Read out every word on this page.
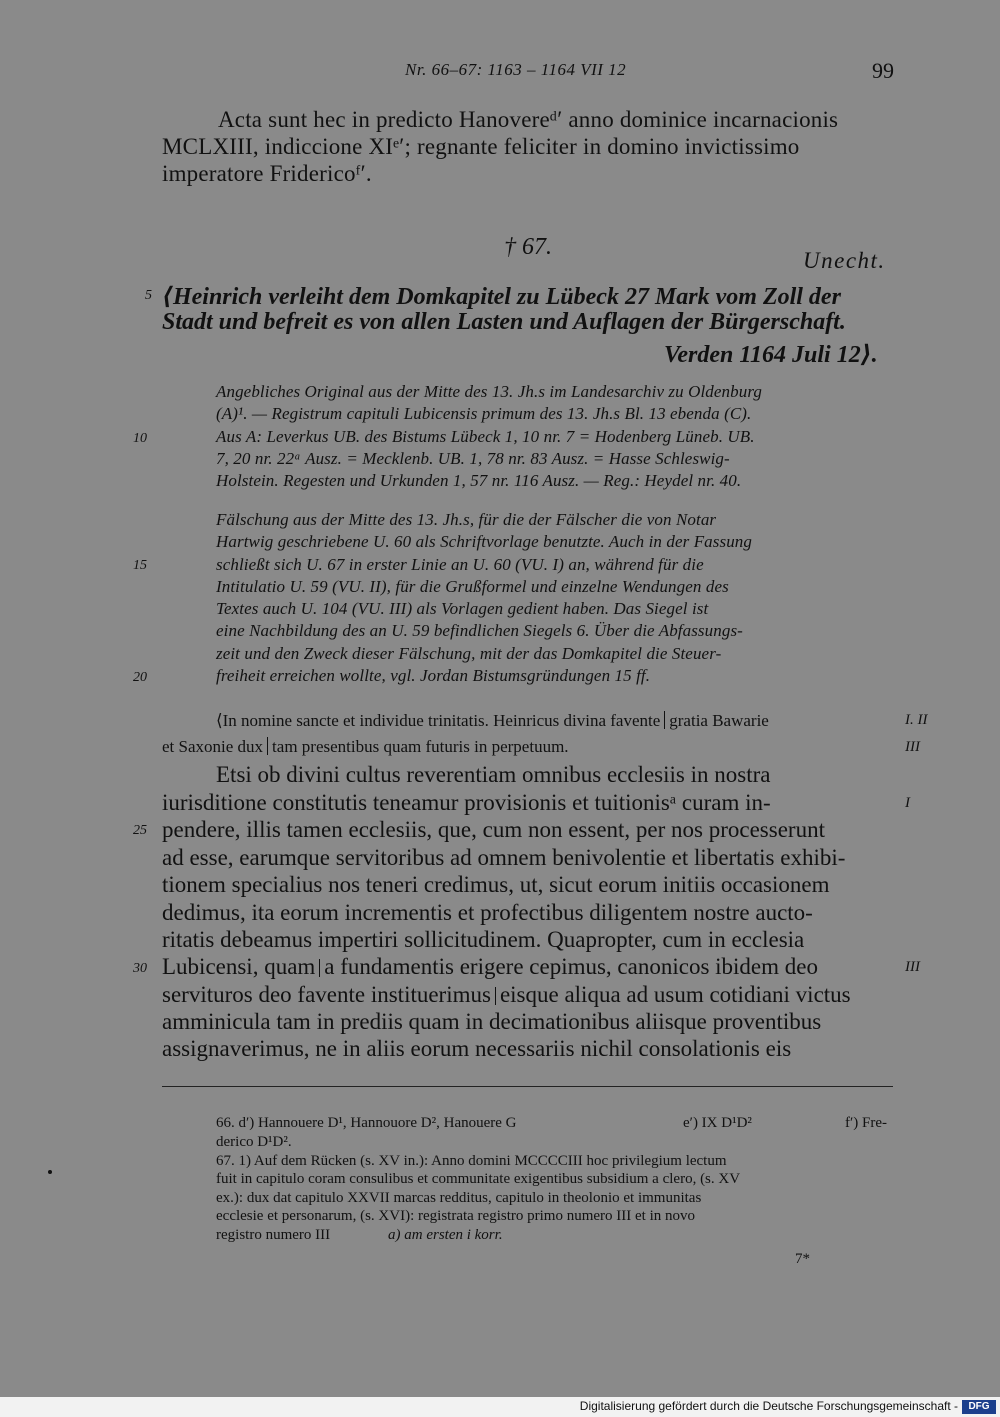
Nr. 66–67: 1163 – 1164 VII 12	99
Acta sunt hec in predicto Hanovereᵈ′ anno dominice incarnacionis
MCLXIII, indiccione XIᵉ′; regnante feliciter in domino invictissimo
imperatore Fridericoᶠ′.
† 67.
Unecht.
⟨Heinrich verleiht dem Domkapitel zu Lübeck 27 Mark vom Zoll der
Stadt und befreit es von allen Lasten und Auflagen der Bürgerschaft.
Verden 1164 Juli 12⟩.
Angebliches Original aus der Mitte des 13. Jh.s im Landesarchiv zu Oldenburg
(A)¹. — Registrum capituli Lubicensis primum des 13. Jh.s Bl. 13 ebenda (C).
Aus A: Leverkus UB. des Bistums Lübeck 1, 10 nr. 7 = Hodenberg Lüneb. UB.
7, 20 nr. 22ᵃ Ausz. = Mecklenb. UB. 1, 78 nr. 83 Ausz. = Hasse Schleswig-
Holstein. Regesten und Urkunden 1, 57 nr. 116 Ausz. — Reg.: Heydel nr. 40.
Fälschung aus der Mitte des 13. Jh.s, für die der Fälscher die von Notar
Hartwig geschriebene U. 60 als Schriftvorlage benutzte. Auch in der Fassung
schließt sich U. 67 in erster Linie an U. 60 (VU. I) an, während für die
Intitulatio U. 59 (VU. II), für die Grußformel und einzelne Wendungen des
Textes auch U. 104 (VU. III) als Vorlagen gedient haben. Das Siegel ist
eine Nachbildung des an U. 59 befindlichen Siegels 6. Über die Abfassungs-
zeit und den Zweck dieser Fälschung, mit der das Domkapitel die Steuer-
freiheit erreichen wollte, vgl. Jordan Bistumsgründungen 15 ff.
⟨In nomine sancte et individue trinitatis. Heinricus divina favente gratia Bawarie
et Saxonie dux tam presentibus quam futuris in perpetuum.
Etsi ob divini cultus reverentiam omnibus ecclesiis in nostra
iurisditione constitutis teneamur provisionis et tuitionisᵃ curam in-
pendere, illis tamen ecclesiis, que, cum non essent, per nos processerunt
ad esse, earumque servitoribus ad omnem benivolentie et libertatis exhibi-
tionem specialius nos teneri credimus, ut, sicut eorum initiis occasionem
dedimus, ita eorum incrementis et profectibus diligentem nostre aucto-
ritatis debeamus impertiri sollicitudinem. Quapropter, cum in ecclesia
Lubicensi, quam a fundamentis erigere cepimus, canonicos ibidem deo
servituros deo favente instituerimus eisque aliqua ad usum cotidiani victus
amminicula tam in prediis quam in decimationibus aliisque proventibus
assignaverimus, ne in aliis eorum necessariis nichil consolationis eis
5
10
15
20
25
30
I. II
III
I
III
66. d′) Hannouere D¹, Hannouore D², Hanouere G	e′) IX D¹D²	f′) Fre-
derico D¹D².
67. 1) Auf dem Rücken (s. XV in.): Anno domini MCCCCIII hoc privilegium lectum
fuit in capitulo coram consulibus et communitate exigentibus subsidium a clero, (s. XV
ex.): dux dat capitulo XXVII marcas redditus, capitulo in theolonio et immunitas
ecclesie et personarum, (s. XVI): registrata registro primo numero III et in novo
registro numero III	a) am ersten i korr.
7*
Digitalisierung gefördert durch die Deutsche Forschungsgemeinschaft -	DFG
